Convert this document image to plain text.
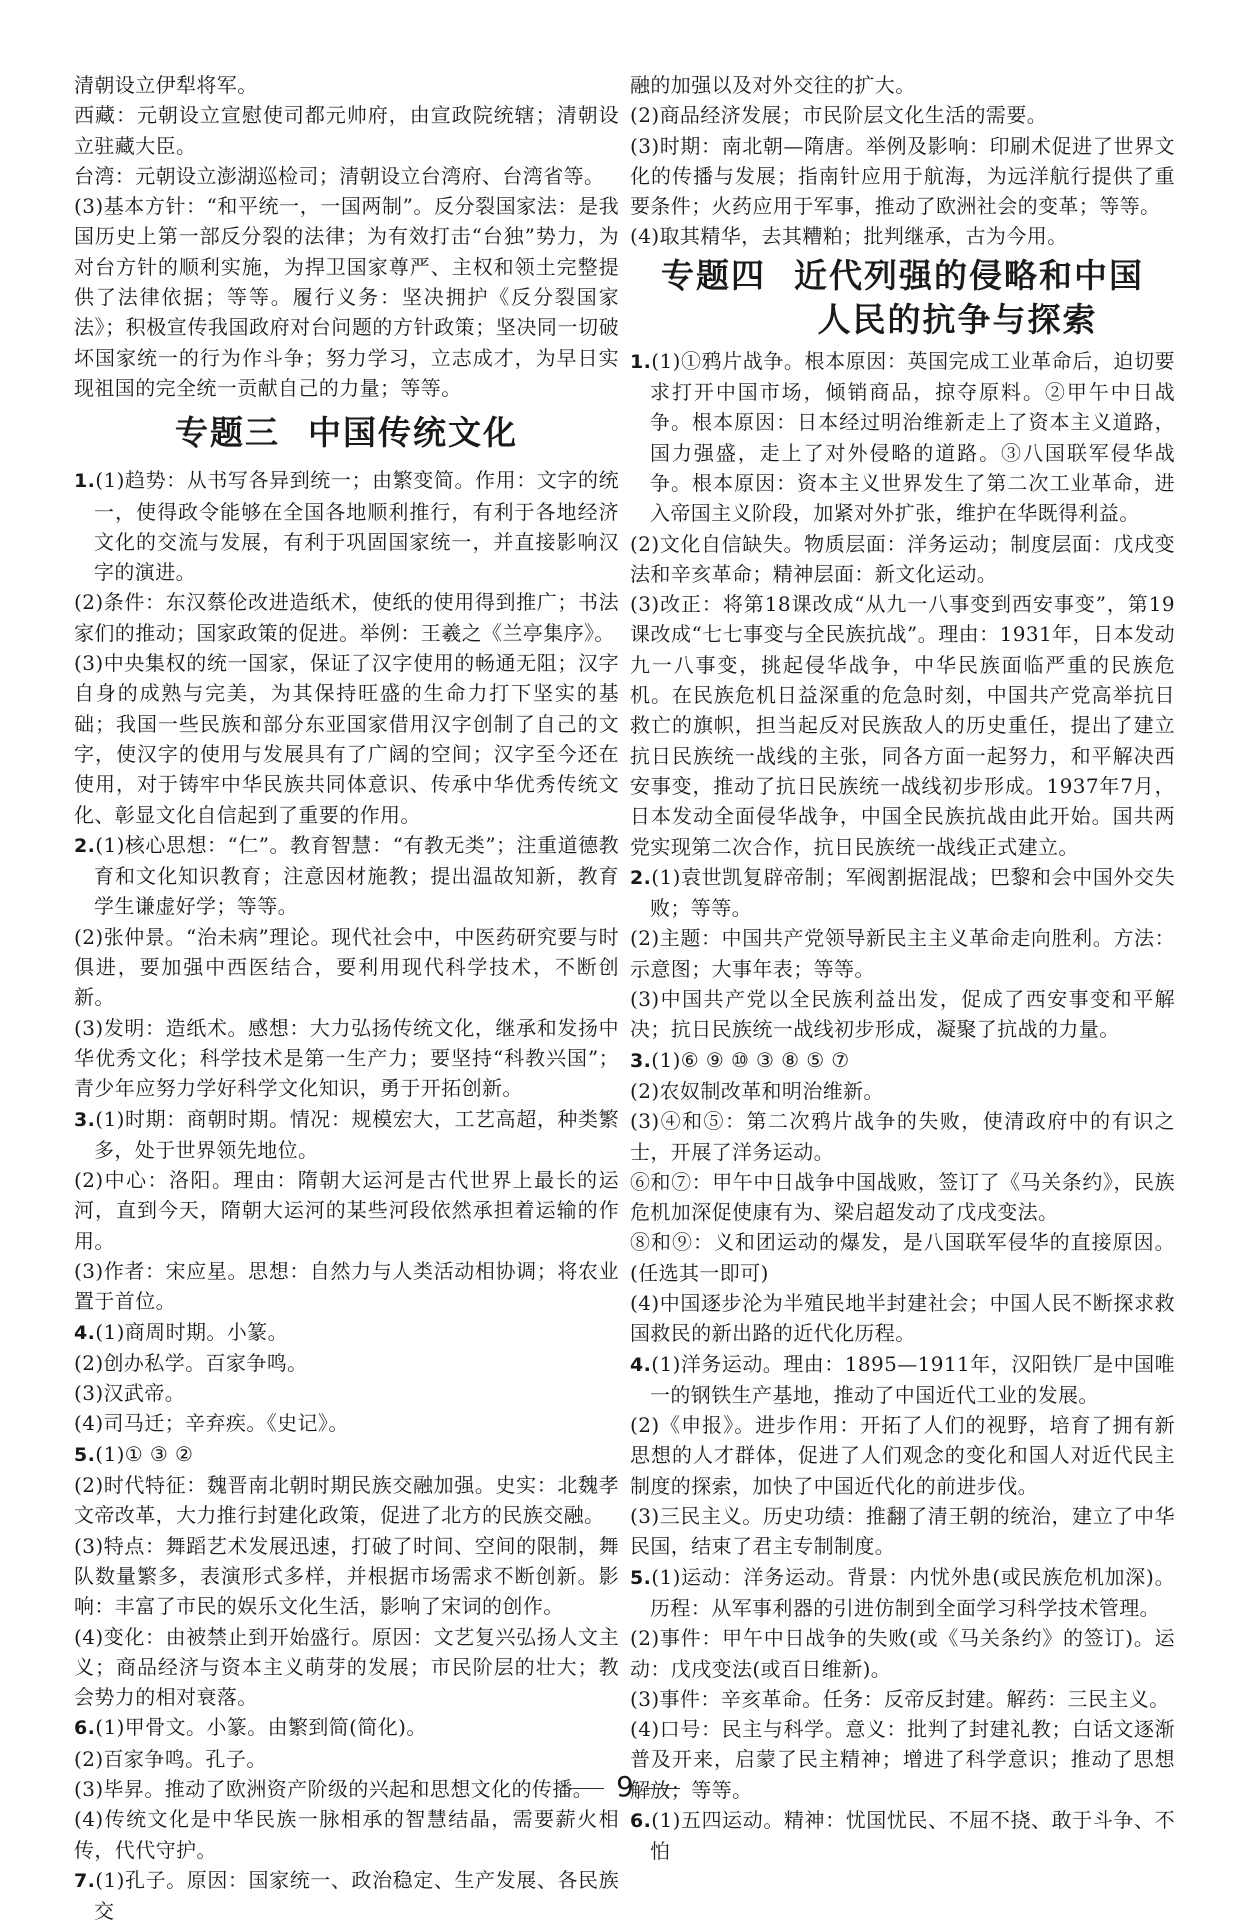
清朝设立伊犁将军。

西藏：元朝设立宣慰使司都元帅府，由宣政院统辖；清朝设立驻藏大臣。

台湾：元朝设立澎湖巡检司；清朝设立台湾府、台湾省等。

(3)基本方针：“和平统一，一国两制”。反分裂国家法：是我国历史上第一部反分裂的法律；为有效打击“台独”势力，为对台方针的顺利实施，为捍卫国家尊严、主权和领土完整提供了法律依据；等等。履行义务：坚决拥护《反分裂国家法》；积极宣传我国政府对台问题的方针政策；坚决同一切破坏国家统一的行为作斗争；努力学习，立志成才，为早日实现祖国的完全统一贡献自己的力量；等等。

专题三 中国传统文化

1.(1)趋势：从书写各异到统一；由繁变简。作用：文字的统一，使得政令能够在全国各地顺利推行，有利于各地经济文化的交流与发展，有利于巩固国家统一，并直接影响汉字的演进。

(2)条件：东汉蔡伦改进造纸术，使纸的使用得到推广；书法家们的推动；国家政策的促进。举例：王羲之《兰亭集序》。

(3)中央集权的统一国家，保证了汉字使用的畅通无阻；汉字自身的成熟与完美，为其保持旺盛的生命力打下坚实的基础；我国一些民族和部分东亚国家借用汉字创制了自己的文字，使汉字的使用与发展具有了广阔的空间；汉字至今还在使用，对于铸牢中华民族共同体意识、传承中华优秀传统文化、彰显文化自信起到了重要的作用。

2.(1)核心思想：“仁”。教育智慧：“有教无类”；注重道德教育和文化知识教育；注意因材施教；提出温故知新，教育学生谦虚好学；等等。

(2)张仲景。“治未病”理论。现代社会中，中医药研究要与时俱进，要加强中西医结合，要利用现代科学技术，不断创新。

(3)发明：造纸术。感想：大力弘扬传统文化，继承和发扬中华优秀文化；科学技术是第一生产力；要坚持“科教兴国”；青少年应努力学好科学文化知识，勇于开拓创新。

3.(1)时期：商朝时期。情况：规模宏大，工艺高超，种类繁多，处于世界领先地位。

(2)中心：洛阳。理由：隋朝大运河是古代世界上最长的运河，直到今天，隋朝大运河的某些河段依然承担着运输的作用。

(3)作者：宋应星。思想：自然力与人类活动相协调；将农业置于首位。

4.(1)商周时期。小篆。

(2)创办私学。百家争鸣。

(3)汉武帝。

(4)司马迁；辛弃疾。《史记》。

5.(1)① ③ ②

(2)时代特征：魏晋南北朝时期民族交融加强。史实：北魏孝文帝改革，大力推行封建化政策，促进了北方的民族交融。

(3)特点：舞蹈艺术发展迅速，打破了时间、空间的限制，舞队数量繁多，表演形式多样，并根据市场需求不断创新。影响：丰富了市民的娱乐文化生活，影响了宋词的创作。

(4)变化：由被禁止到开始盛行。原因：文艺复兴弘扬人文主义；商品经济与资本主义萌芽的发展；市民阶层的壮大；教会势力的相对衰落。

6.(1)甲骨文。小篆。由繁到简(简化)。

(2)百家争鸣。孔子。

(3)毕昇。推动了欧洲资产阶级的兴起和思想文化的传播。

(4)传统文化是中华民族一脉相承的智慧结晶，需要薪火相传，代代守护。

7.(1)孔子。原因：国家统一、政治稳定、生产发展、各民族交

融的加强以及对外交往的扩大。

(2)商品经济发展；市民阶层文化生活的需要。

(3)时期：南北朝—隋唐。举例及影响：印刷术促进了世界文化的传播与发展；指南针应用于航海，为远洋航行提供了重要条件；火药应用于军事，推动了欧洲社会的变革；等等。

(4)取其精华，去其糟粕；批判继承，古为今用。

专题四 近代列强的侵略和中国
人民的抗争与探索

1.(1)①鸦片战争。根本原因：英国完成工业革命后，迫切要求打开中国市场，倾销商品，掠夺原料。②甲午中日战争。根本原因：日本经过明治维新走上了资本主义道路，国力强盛，走上了对外侵略的道路。③八国联军侵华战争。根本原因：资本主义世界发生了第二次工业革命，进入帝国主义阶段，加紧对外扩张，维护在华既得利益。

(2)文化自信缺失。物质层面：洋务运动；制度层面：戊戌变法和辛亥革命；精神层面：新文化运动。

(3)改正：将第18课改成“从九一八事变到西安事变”，第19课改成“七七事变与全民族抗战”。理由：1931年，日本发动九一八事变，挑起侵华战争，中华民族面临严重的民族危机。在民族危机日益深重的危急时刻，中国共产党高举抗日救亡的旗帜，担当起反对民族敌人的历史重任，提出了建立抗日民族统一战线的主张，同各方面一起努力，和平解决西安事变，推动了抗日民族统一战线初步形成。1937年7月，日本发动全面侵华战争，中国全民族抗战由此开始。国共两党实现第二次合作，抗日民族统一战线正式建立。

2.(1)袁世凯复辟帝制；军阀割据混战；巴黎和会中国外交失败；等等。

(2)主题：中国共产党领导新民主主义革命走向胜利。方法：示意图；大事年表；等等。

(3)中国共产党以全民族利益出发，促成了西安事变和平解决；抗日民族统一战线初步形成，凝聚了抗战的力量。

3.(1)⑥ ⑨ ⑩ ③ ⑧ ⑤ ⑦

(2)农奴制改革和明治维新。

(3)④和⑤：第二次鸦片战争的失败，使清政府中的有识之士，开展了洋务运动。

⑥和⑦：甲午中日战争中国战败，签订了《马关条约》，民族危机加深促使康有为、梁启超发动了戊戌变法。

⑧和⑨：义和团运动的爆发，是八国联军侵华的直接原因。(任选其一即可)

(4)中国逐步沦为半殖民地半封建社会；中国人民不断探求救国救民的新出路的近代化历程。

4.(1)洋务运动。理由：1895—1911年，汉阳铁厂是中国唯一的钢铁生产基地，推动了中国近代工业的发展。

(2)《申报》。进步作用：开拓了人们的视野，培育了拥有新思想的人才群体，促进了人们观念的变化和国人对近代民主制度的探索，加快了中国近代化的前进步伐。

(3)三民主义。历史功绩：推翻了清王朝的统治，建立了中华民国，结束了君主专制制度。

5.(1)运动：洋务运动。背景：内忧外患(或民族危机加深)。历程：从军事利器的引进仿制到全面学习科学技术管理。

(2)事件：甲午中日战争的失败(或《马关条约》的签订)。运动：戊戌变法(或百日维新)。

(3)事件：辛亥革命。任务：反帝反封建。解药：三民主义。

(4)口号：民主与科学。意义：批判了封建礼教；白话文逐渐普及开来，启蒙了民主精神；增进了科学意识；推动了思想解放；等等。

6.(1)五四运动。精神：忧国忧民、不屈不挠、敢于斗争、不怕

9
